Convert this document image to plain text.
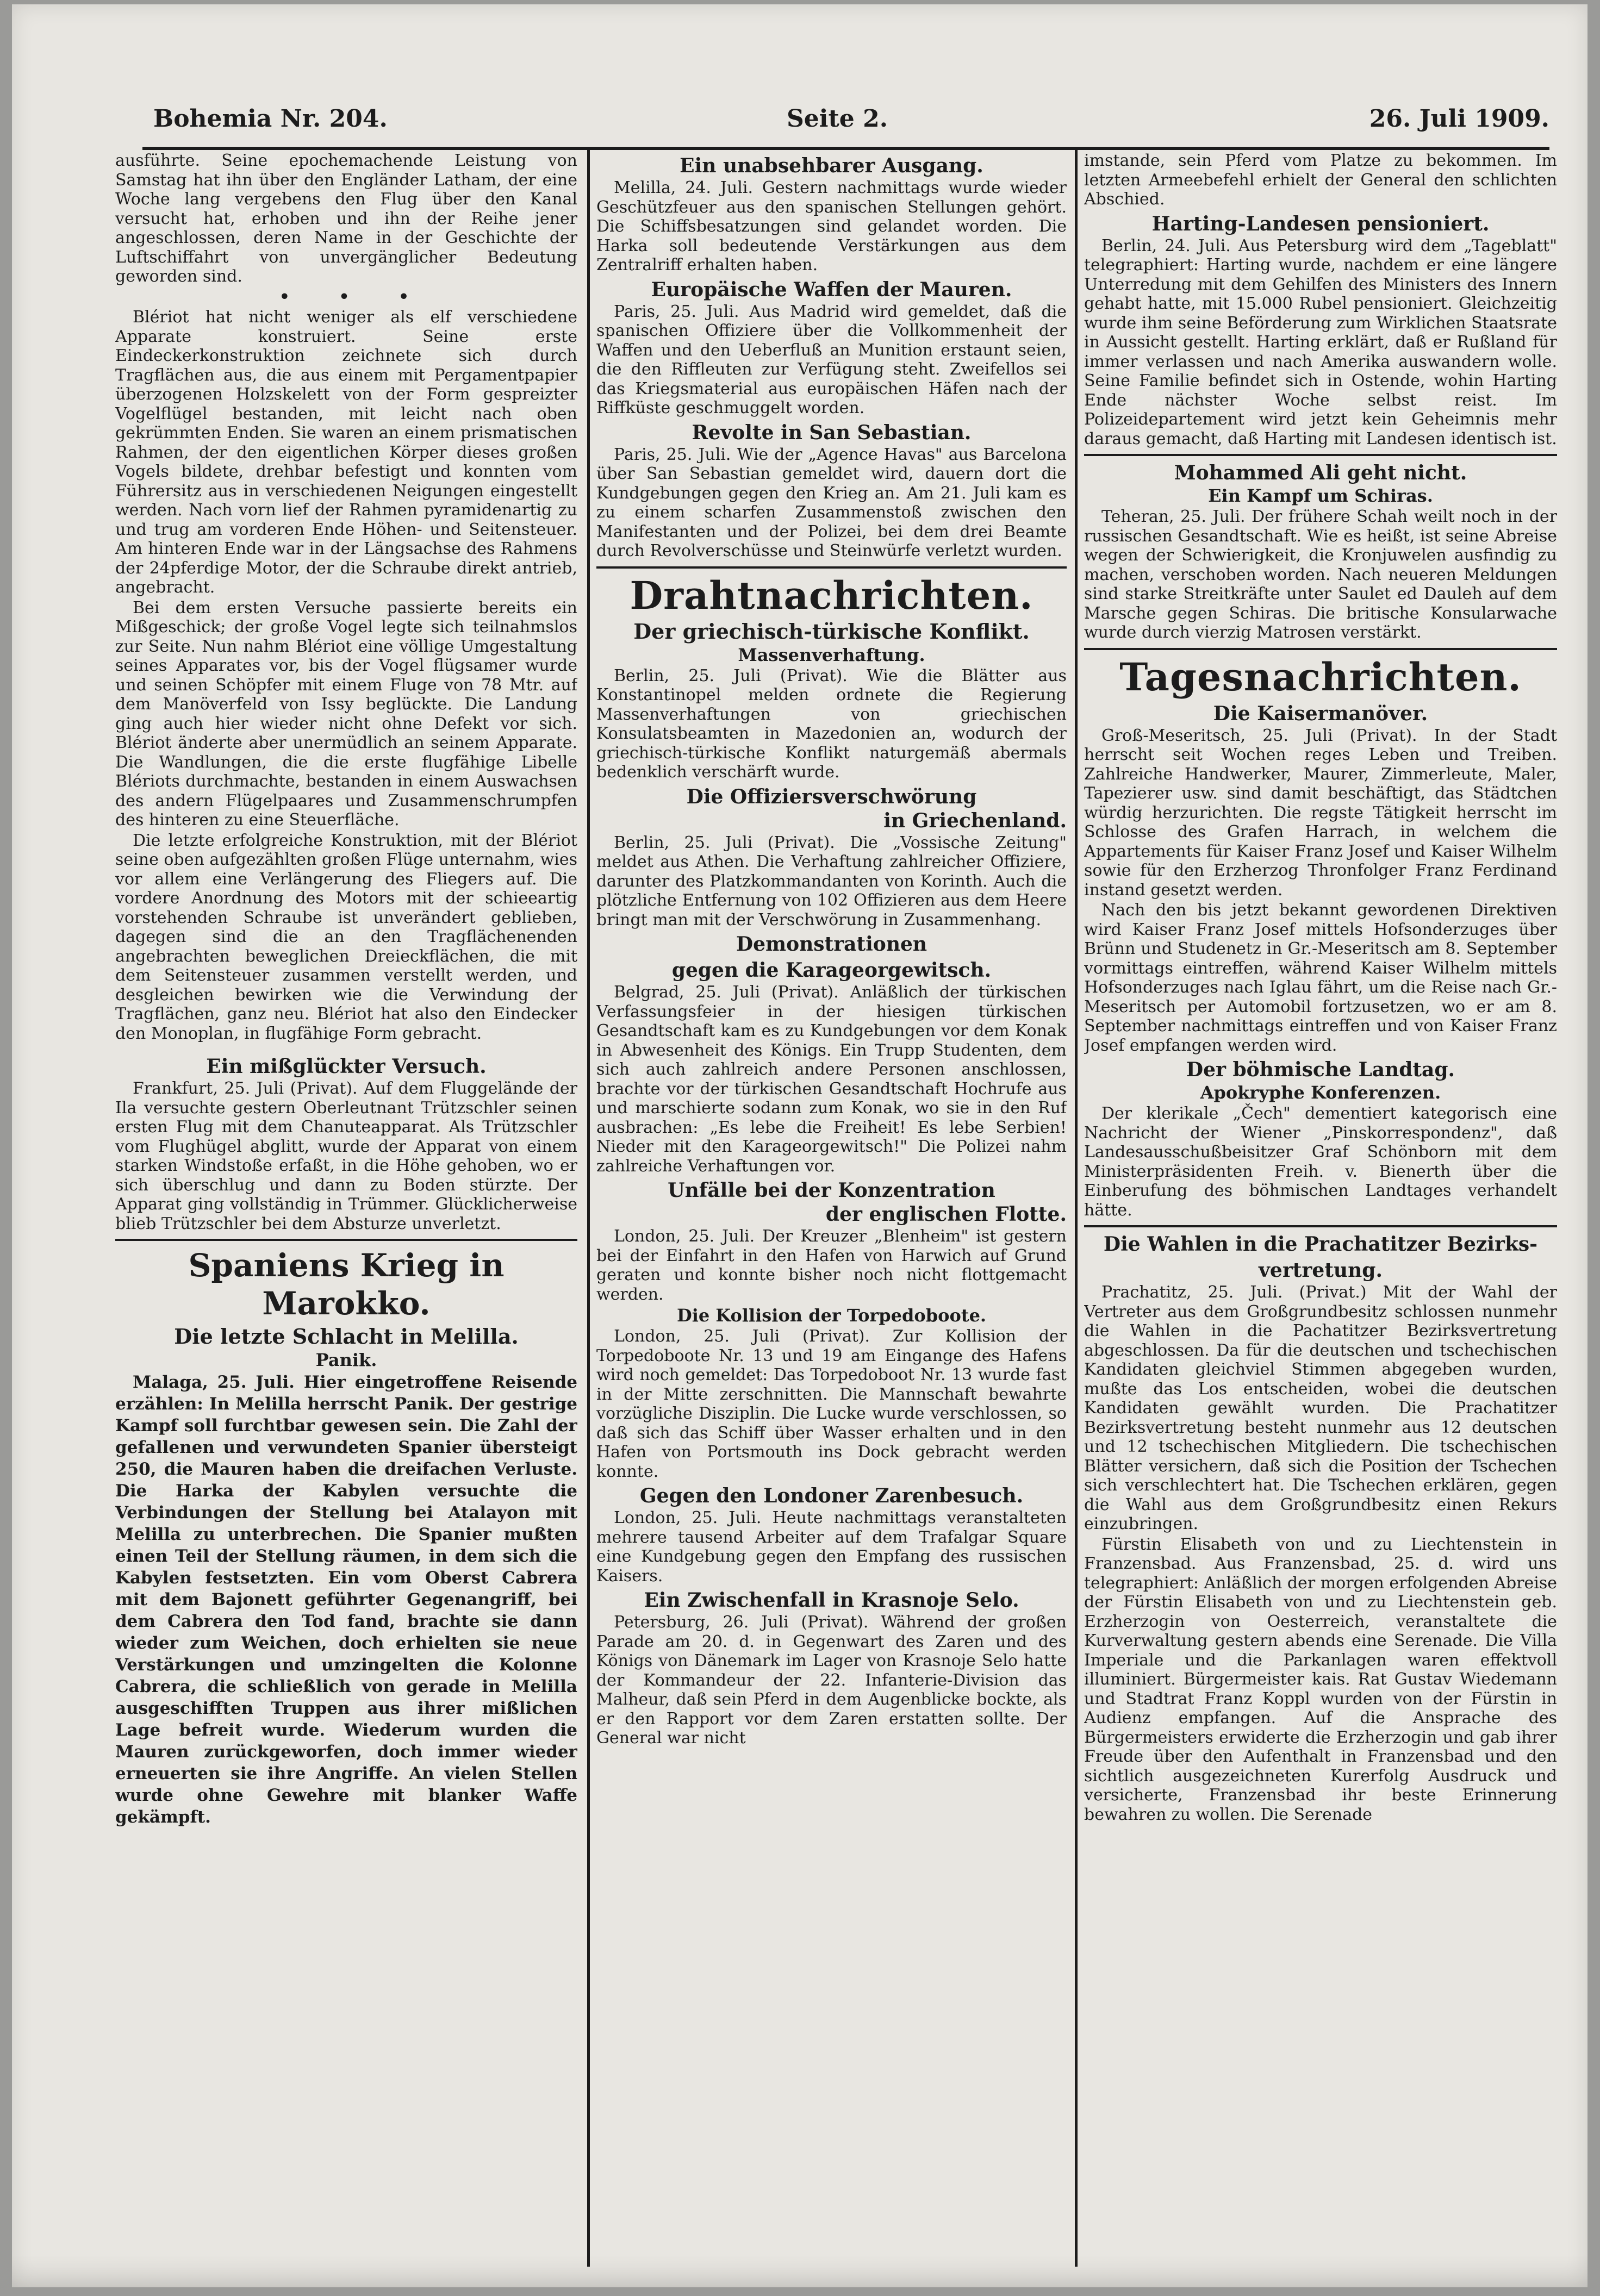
Bohemia Nr. 204.	Seite 2.	26. Juli 1909.

ausführte. Seine epochemachende Leistung von Samstag hat ihn über den Engländer Latham, der eine Woche lang vergebens den Flug über den Kanal versucht hat, erhoben und ihn der Reihe jener angeschlossen, deren Name in der Geschichte der Luftschiffahrt von unvergänglicher Bedeutung geworden sind.

• • •

Blériot hat nicht weniger als elf verschiedene Apparate konstruiert. Seine erste Eindeckerkonstruktion zeichnete sich durch Tragflächen aus, die aus einem mit Pergamentpapier überzogenen Holzskelett von der Form gespreizter Vogelflügel bestanden, mit leicht nach oben gekrümmten Enden. Sie waren an einem prismatischen Rahmen, der den eigentlichen Körper dieses großen Vogels bildete, drehbar befestigt und konnten vom Führersitz aus in verschiedenen Neigungen eingestellt werden. Nach vorn lief der Rahmen pyramidenartig zu und trug am vorderen Ende Höhen- und Seitensteuer. Am hinteren Ende war in der Längsachse des Rahmens der 24pferdige Motor, der die Schraube direkt antrieb, angebracht.

Bei dem ersten Versuche passierte bereits ein Mißgeschick; der große Vogel legte sich teilnahmslos zur Seite. Nun nahm Blériot eine völlige Umgestaltung seines Apparates vor, bis der Vogel flügsamer wurde und seinen Schöpfer mit einem Fluge von 78 Mtr. auf dem Manöverfeld von Issy beglückte. Die Landung ging auch hier wieder nicht ohne Defekt vor sich. Blériot änderte aber unermüdlich an seinem Apparate. Die Wandlungen, die die erste flugfähige Libelle Blériots durchmachte, bestanden in einem Auswachsen des andern Flügelpaares und Zusammenschrumpfen des hinteren zu eine Steuerfläche.

Die letzte erfolgreiche Konstruktion, mit der Blériot seine oben aufgezählten großen Flüge unternahm, wies vor allem eine Verlängerung des Fliegers auf. Die vordere Anordnung des Motors mit der schieeartig vorstehenden Schraube ist unverändert geblieben, dagegen sind die an den Tragflächenenden angebrachten beweglichen Dreieckflächen, die mit dem Seitensteuer zusammen verstellt werden, und desgleichen bewirken wie die Verwindung der Tragflächen, ganz neu. Blériot hat also den Eindecker den Monoplan, in flugfähige Form gebracht.

Ein mißglückter Versuch.

Frankfurt, 25. Juli (Privat). Auf dem Fluggelände der Ila versuchte gestern Oberleutnant Trützschler seinen ersten Flug mit dem Chanuteapparat. Als Trützschler vom Flughügel abglitt, wurde der Apparat von einem starken Windstoße erfaßt, in die Höhe gehoben, wo er sich überschlug und dann zu Boden stürzte. Der Apparat ging vollständig in Trümmer. Glücklicherweise blieb Trützschler bei dem Absturze unverletzt.

Spaniens Krieg in Marokko.
Die letzte Schlacht in Melilla.
Panik.

Malaga, 25. Juli. Hier eingetroffene Reisende erzählen: In Melilla herrscht Panik. Der gestrige Kampf soll furchtbar gewesen sein. Die Zahl der gefallenen und verwundeten Spanier übersteigt 250, die Mauren haben die dreifachen Verluste. Die Harka der Kabylen versuchte die Verbindungen der Stellung bei Atalayon mit Melilla zu unterbrechen. Die Spanier mußten einen Teil der Stellung räumen, in dem sich die Kabylen festsetzten. Ein vom Oberst Cabrera mit dem Bajonett geführter Gegenangriff, bei dem Cabrera den Tod fand, brachte sie dann wieder zum Weichen, doch erhielten sie neue Verstärkungen und umzingelten die Kolonne Cabrera, die schließlich von gerade in Melilla ausgeschifften Truppen aus ihrer mißlichen Lage befreit wurde. Wiederum wurden die Mauren zurückgeworfen, doch immer wieder erneuerten sie ihre Angriffe. An vielen Stellen wurde ohne Gewehre mit blanker Waffe gekämpft.

Ein unabsehbarer Ausgang.

Melilla, 24. Juli. Gestern nachmittags wurde wieder Geschützfeuer aus den spanischen Stellungen gehört. Die Schiffsbesatzungen sind gelandet worden. Die Harka soll bedeutende Verstärkungen aus dem Zentralriff erhalten haben.

Europäische Waffen der Mauren.

Paris, 25. Juli. Aus Madrid wird gemeldet, daß die spanischen Offiziere über die Vollkommenheit der Waffen und den Ueberfluß an Munition erstaunt seien, die den Riffleuten zur Verfügung steht. Zweifellos sei das Kriegsmaterial aus europäischen Häfen nach der Riffküste geschmuggelt worden.

Revolte in San Sebastian.

Paris, 25. Juli. Wie der „Agence Havas" aus Barcelona über San Sebastian gemeldet wird, dauern dort die Kundgebungen gegen den Krieg an. Am 21. Juli kam es zu einem scharfen Zusammenstoß zwischen den Manifestanten und der Polizei, bei dem drei Beamte durch Revolverschüsse und Steinwürfe verletzt wurden.

Drahtnachrichten.
Der griechisch-türkische Konflikt.
Massenverhaftung.

Berlin, 25. Juli (Privat). Wie die Blätter aus Konstantinopel melden ordnete die Regierung Massenverhaftungen von griechischen Konsulatsbeamten in Mazedonien an, wodurch der griechisch-türkische Konflikt naturgemäß abermals bedenklich verschärft wurde.

Die Offiziersverschwörung
in Griechenland.

Berlin, 25. Juli (Privat). Die „Vossische Zeitung" meldet aus Athen. Die Verhaftung zahlreicher Offiziere, darunter des Platzkommandanten von Korinth. Auch die plötzliche Entfernung von 102 Offizieren aus dem Heere bringt man mit der Verschwörung in Zusammenhang.

Demonstrationen
gegen die Karageorgewitsch.

Belgrad, 25. Juli (Privat). Anläßlich der türkischen Verfassungsfeier in der hiesigen türkischen Gesandtschaft kam es zu Kundgebungen vor dem Konak in Abwesenheit des Königs. Ein Trupp Studenten, dem sich auch zahlreich andere Personen anschlossen, brachte vor der türkischen Gesandtschaft Hochrufe aus und marschierte sodann zum Konak, wo sie in den Ruf ausbrachen: „Es lebe die Freiheit! Es lebe Serbien! Nieder mit den Karageorgewitsch!" Die Polizei nahm zahlreiche Verhaftungen vor.

Unfälle bei der Konzentration
der englischen Flotte.

London, 25. Juli. Der Kreuzer „Blenheim" ist gestern bei der Einfahrt in den Hafen von Harwich auf Grund geraten und konnte bisher noch nicht flottgemacht werden.

Die Kollision der Torpedoboote.

London, 25. Juli (Privat). Zur Kollision der Torpedoboote Nr. 13 und 19 am Eingange des Hafens wird noch gemeldet: Das Torpedoboot Nr. 13 wurde fast in der Mitte zerschnitten. Die Mannschaft bewahrte vorzügliche Disziplin. Die Lucke wurde verschlossen, so daß sich das Schiff über Wasser erhalten und in den Hafen von Portsmouth ins Dock gebracht werden konnte.

Gegen den Londoner Zarenbesuch.

London, 25. Juli. Heute nachmittags veranstalteten mehrere tausend Arbeiter auf dem Trafalgar Square eine Kundgebung gegen den Empfang des russischen Kaisers.

Ein Zwischenfall in Krasnoje Selo.

Petersburg, 26. Juli (Privat). Während der großen Parade am 20. d. in Gegenwart des Zaren und des Königs von Dänemark im Lager von Krasnoje Selo hatte der Kommandeur der 22. Infanterie-Division das Malheur, daß sein Pferd in dem Augenblicke bockte, als er den Rapport vor dem Zaren erstatten sollte. Der General war nicht

imstande, sein Pferd vom Platze zu bekommen. Im letzten Armeebefehl erhielt der General den schlichten Abschied.

Harting-Landesen pensioniert.

Berlin, 24. Juli. Aus Petersburg wird dem „Tageblatt" telegraphiert: Harting wurde, nachdem er eine längere Unterredung mit dem Gehilfen des Ministers des Innern gehabt hatte, mit 15.000 Rubel pensioniert. Gleichzeitig wurde ihm seine Beförderung zum Wirklichen Staatsrate in Aussicht gestellt. Harting erklärt, daß er Rußland für immer verlassen und nach Amerika auswandern wolle. Seine Familie befindet sich in Ostende, wohin Harting Ende nächster Woche selbst reist. Im Polizeidepartement wird jetzt kein Geheimnis mehr daraus gemacht, daß Harting mit Landesen identisch ist.

Mohammed Ali geht nicht.
Ein Kampf um Schiras.

Teheran, 25. Juli. Der frühere Schah weilt noch in der russischen Gesandtschaft. Wie es heißt, ist seine Abreise wegen der Schwierigkeit, die Kronjuwelen ausfindig zu machen, verschoben worden. Nach neueren Meldungen sind starke Streitkräfte unter Saulet ed Dauleh auf dem Marsche gegen Schiras. Die britische Konsularwache wurde durch vierzig Matrosen verstärkt.

Tagesnachrichten.
Die Kaisermanöver.

Groß-Meseritsch, 25. Juli (Privat). In der Stadt herrscht seit Wochen reges Leben und Treiben. Zahlreiche Handwerker, Maurer, Zimmerleute, Maler, Tapezierer usw. sind damit beschäftigt, das Städtchen würdig herzurichten. Die regste Tätigkeit herrscht im Schlosse des Grafen Harrach, in welchem die Appartements für Kaiser Franz Josef und Kaiser Wilhelm sowie für den Erzherzog Thronfolger Franz Ferdinand instand gesetzt werden.

Nach den bis jetzt bekannt gewordenen Direktiven wird Kaiser Franz Josef mittels Hofsonderzuges über Brünn und Studenetz in Gr.-Meseritsch am 8. September vormittags eintreffen, während Kaiser Wilhelm mittels Hofsonderzuges nach Iglau fährt, um die Reise nach Gr.-Meseritsch per Automobil fortzusetzen, wo er am 8. September nachmittags eintreffen und von Kaiser Franz Josef empfangen werden wird.

Der böhmische Landtag.
Apokryphe Konferenzen.

Der klerikale „Čech" dementiert kategorisch eine Nachricht der Wiener „Pinskorrespondenz", daß Landesausschußbeisitzer Graf Schönborn mit dem Ministerpräsidenten Freih. v. Bienerth über die Einberufung des böhmischen Landtages verhandelt hätte.

Die Wahlen in die Prachatitzer Bezirks-
vertretung.

Prachatitz, 25. Juli. (Privat.) Mit der Wahl der Vertreter aus dem Großgrundbesitz schlossen nunmehr die Wahlen in die Pachatitzer Bezirksvertretung abgeschlossen. Da für die deutschen und tschechischen Kandidaten gleichviel Stimmen abgegeben wurden, mußte das Los entscheiden, wobei die deutschen Kandidaten gewählt wurden. Die Prachatitzer Bezirksvertretung besteht nunmehr aus 12 deutschen und 12 tschechischen Mitgliedern. Die tschechischen Blätter versichern, daß sich die Position der Tschechen sich verschlechtert hat. Die Tschechen erklären, gegen die Wahl aus dem Großgrundbesitz einen Rekurs einzubringen.

Fürstin Elisabeth von und zu Liechtenstein in Franzensbad. Aus Franzensbad, 25. d. wird uns telegraphiert: Anläßlich der morgen erfolgenden Abreise der Fürstin Elisabeth von und zu Liechtenstein geb. Erzherzogin von Oesterreich, veranstaltete die Kurverwaltung gestern abends eine Serenade. Die Villa Imperiale und die Parkanlagen waren effektvoll illuminiert. Bürgermeister kais. Rat Gustav Wiedemann und Stadtrat Franz Koppl wurden von der Fürstin in Audienz empfangen. Auf die Ansprache des Bürgermeisters erwiderte die Erzherzogin und gab ihrer Freude über den Aufenthalt in Franzensbad und den sichtlich ausgezeichneten Kurerfolg Ausdruck und versicherte, Franzensbad ihr beste Erinnerung bewahren zu wollen. Die Serenade
